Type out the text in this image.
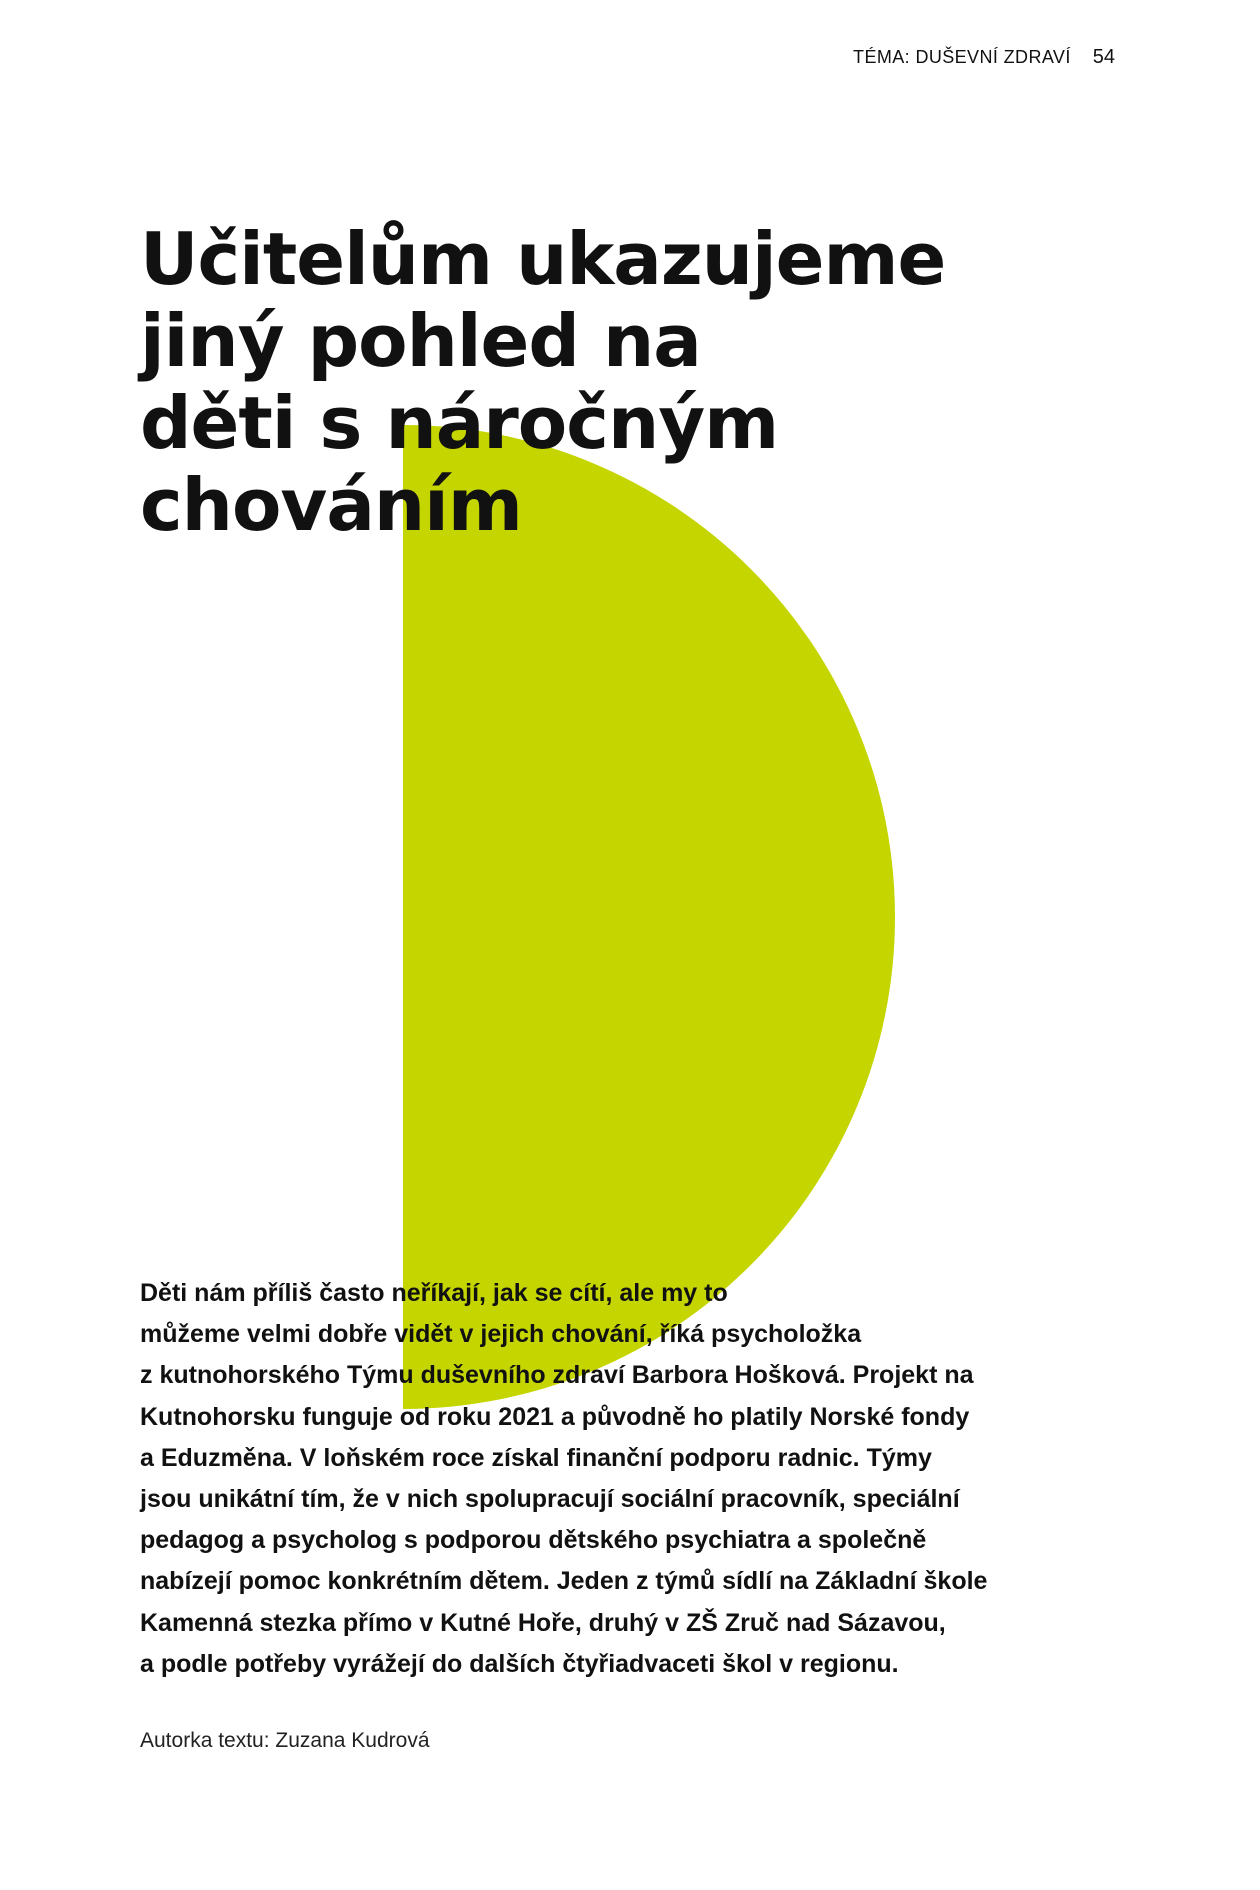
TÉMA: DUŠEVNÍ ZDRAVÍ 54
Učitelům ukazujeme
jiný pohled na
děti s náročným
chováním
Děti nám příliš často neříkají, jak se cítí, ale my to
můžeme velmi dobře vidět v jejich chování, říká psycholožka
z kutnohorského Týmu duševního zdraví Barbora Hošková. Projekt na
Kutnohorsku funguje od roku 2021 a původně ho platily Norské fondy
a Eduzměna. V loňském roce získal finanční podporu radnic. Týmy
jsou unikátní tím, že v nich spolupracují sociální pracovník, speciální
pedagog a psycholog s podporou dětského psychiatra a společně
nabízejí pomoc konkrétním dětem. Jeden z týmů sídlí na Základní škole
Kamenná stezka přímo v Kutné Hoře, druhý v ZŠ Zruč nad Sázavou,
a podle potřeby vyrážejí do dalších čtyřiadvaceti škol v regionu.
Autorka textu: Zuzana Kudrová
